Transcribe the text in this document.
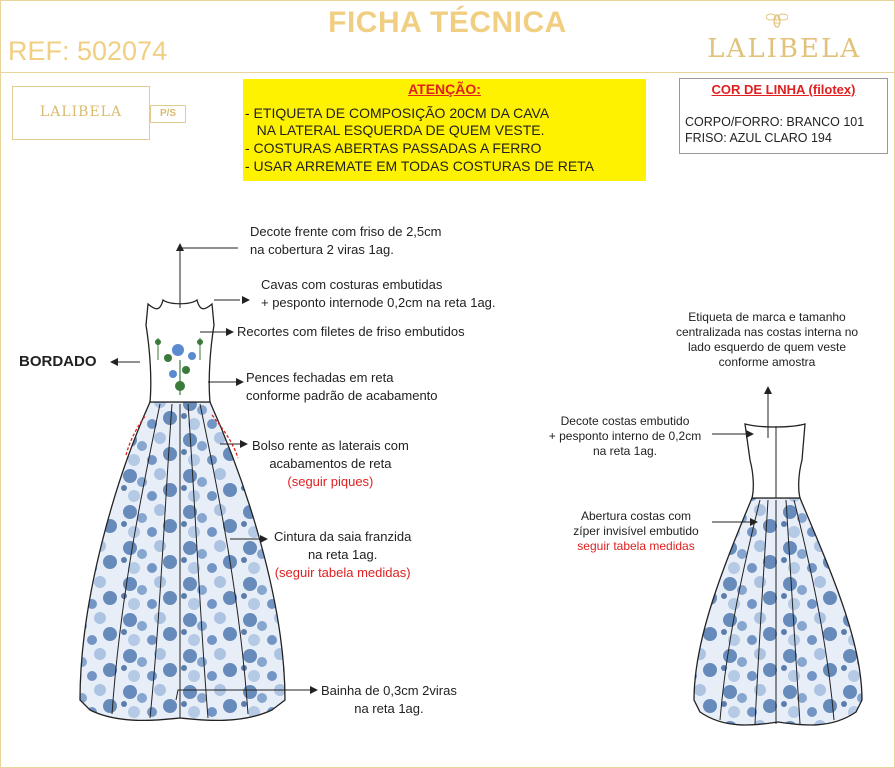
FICHA TÉCNICA
REF: 502074	LALIBELA
LALIBELA	P/S
ATENÇÃO:
- ETIQUETA DE COMPOSIÇÃO 20CM DA CAVA
NA LATERAL ESQUERDA DE QUEM VESTE.
- COSTURAS ABERTAS PASSADAS A FERRO
- USAR ARREMATE EM TODAS COSTURAS DE RETA
COR DE LINHA (filotex)
CORPO/FORRO: BRANCO 101
FRISO: AZUL CLARO 194
BORDADO
Decote frente com friso de 2,5cm
na cobertura 2 viras 1ag.
Cavas com costuras embutidas
+ pesponto internode 0,2cm na reta 1ag.
Recortes com filetes de friso embutidos
Pences fechadas em reta
conforme padrão de acabamento
Bolso rente as laterais com
acabamentos de reta
(seguir piques)
Cintura da saia franzida
na reta 1ag.
(seguir tabela medidas)
Bainha de 0,3cm 2viras
na reta 1ag.
Etiqueta de marca e tamanho
centralizada nas costas interna no
lado esquerdo de quem veste
conforme amostra
Decote costas embutido
+ pesponto interno de 0,2cm
na reta 1ag.
Abertura costas com
zíper invisível embutido
seguir tabela medidas
